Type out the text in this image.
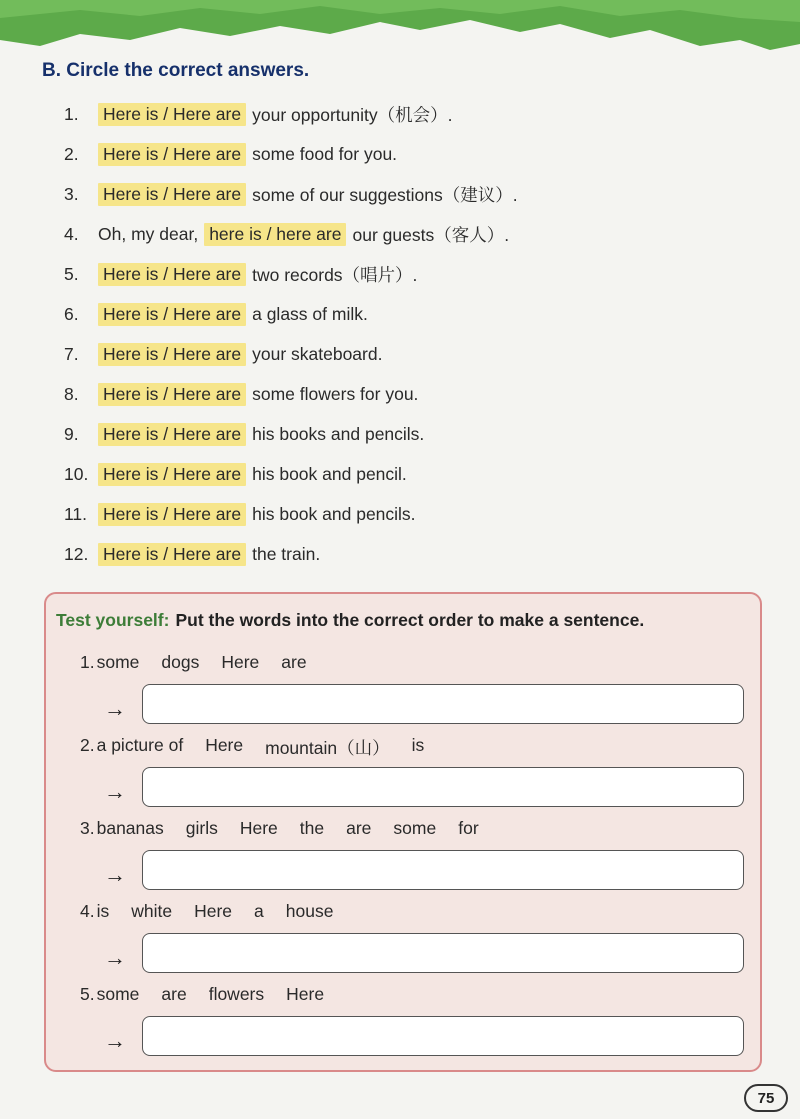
B. Circle the correct answers.
1.	Here is / Here are your opportunity（机会）.
2.	Here is / Here are some food for you.
3.	Here is / Here are some of our suggestions（建议）.
4.	Oh, my dear, here is / here are our guests（客人）.
5.	Here is / Here are two records（唱片）.
6.	Here is / Here are a glass of milk.
7.	Here is / Here are your skateboard.
8.	Here is / Here are some flowers for you.
9.	Here is / Here are his books and pencils.
10. Here is / Here are his book and pencil.
11. Here is / Here are his book and pencils.
12. Here is / Here are the train.
Test yourself: Put the words into the correct order to make a sentence.
1. some dogs Here are
→
2. a picture of Here mountain（山） is
→
3. bananas girls Here the are some for
→
4. is white Here a house
→
5. some are flowers Here
→
75
